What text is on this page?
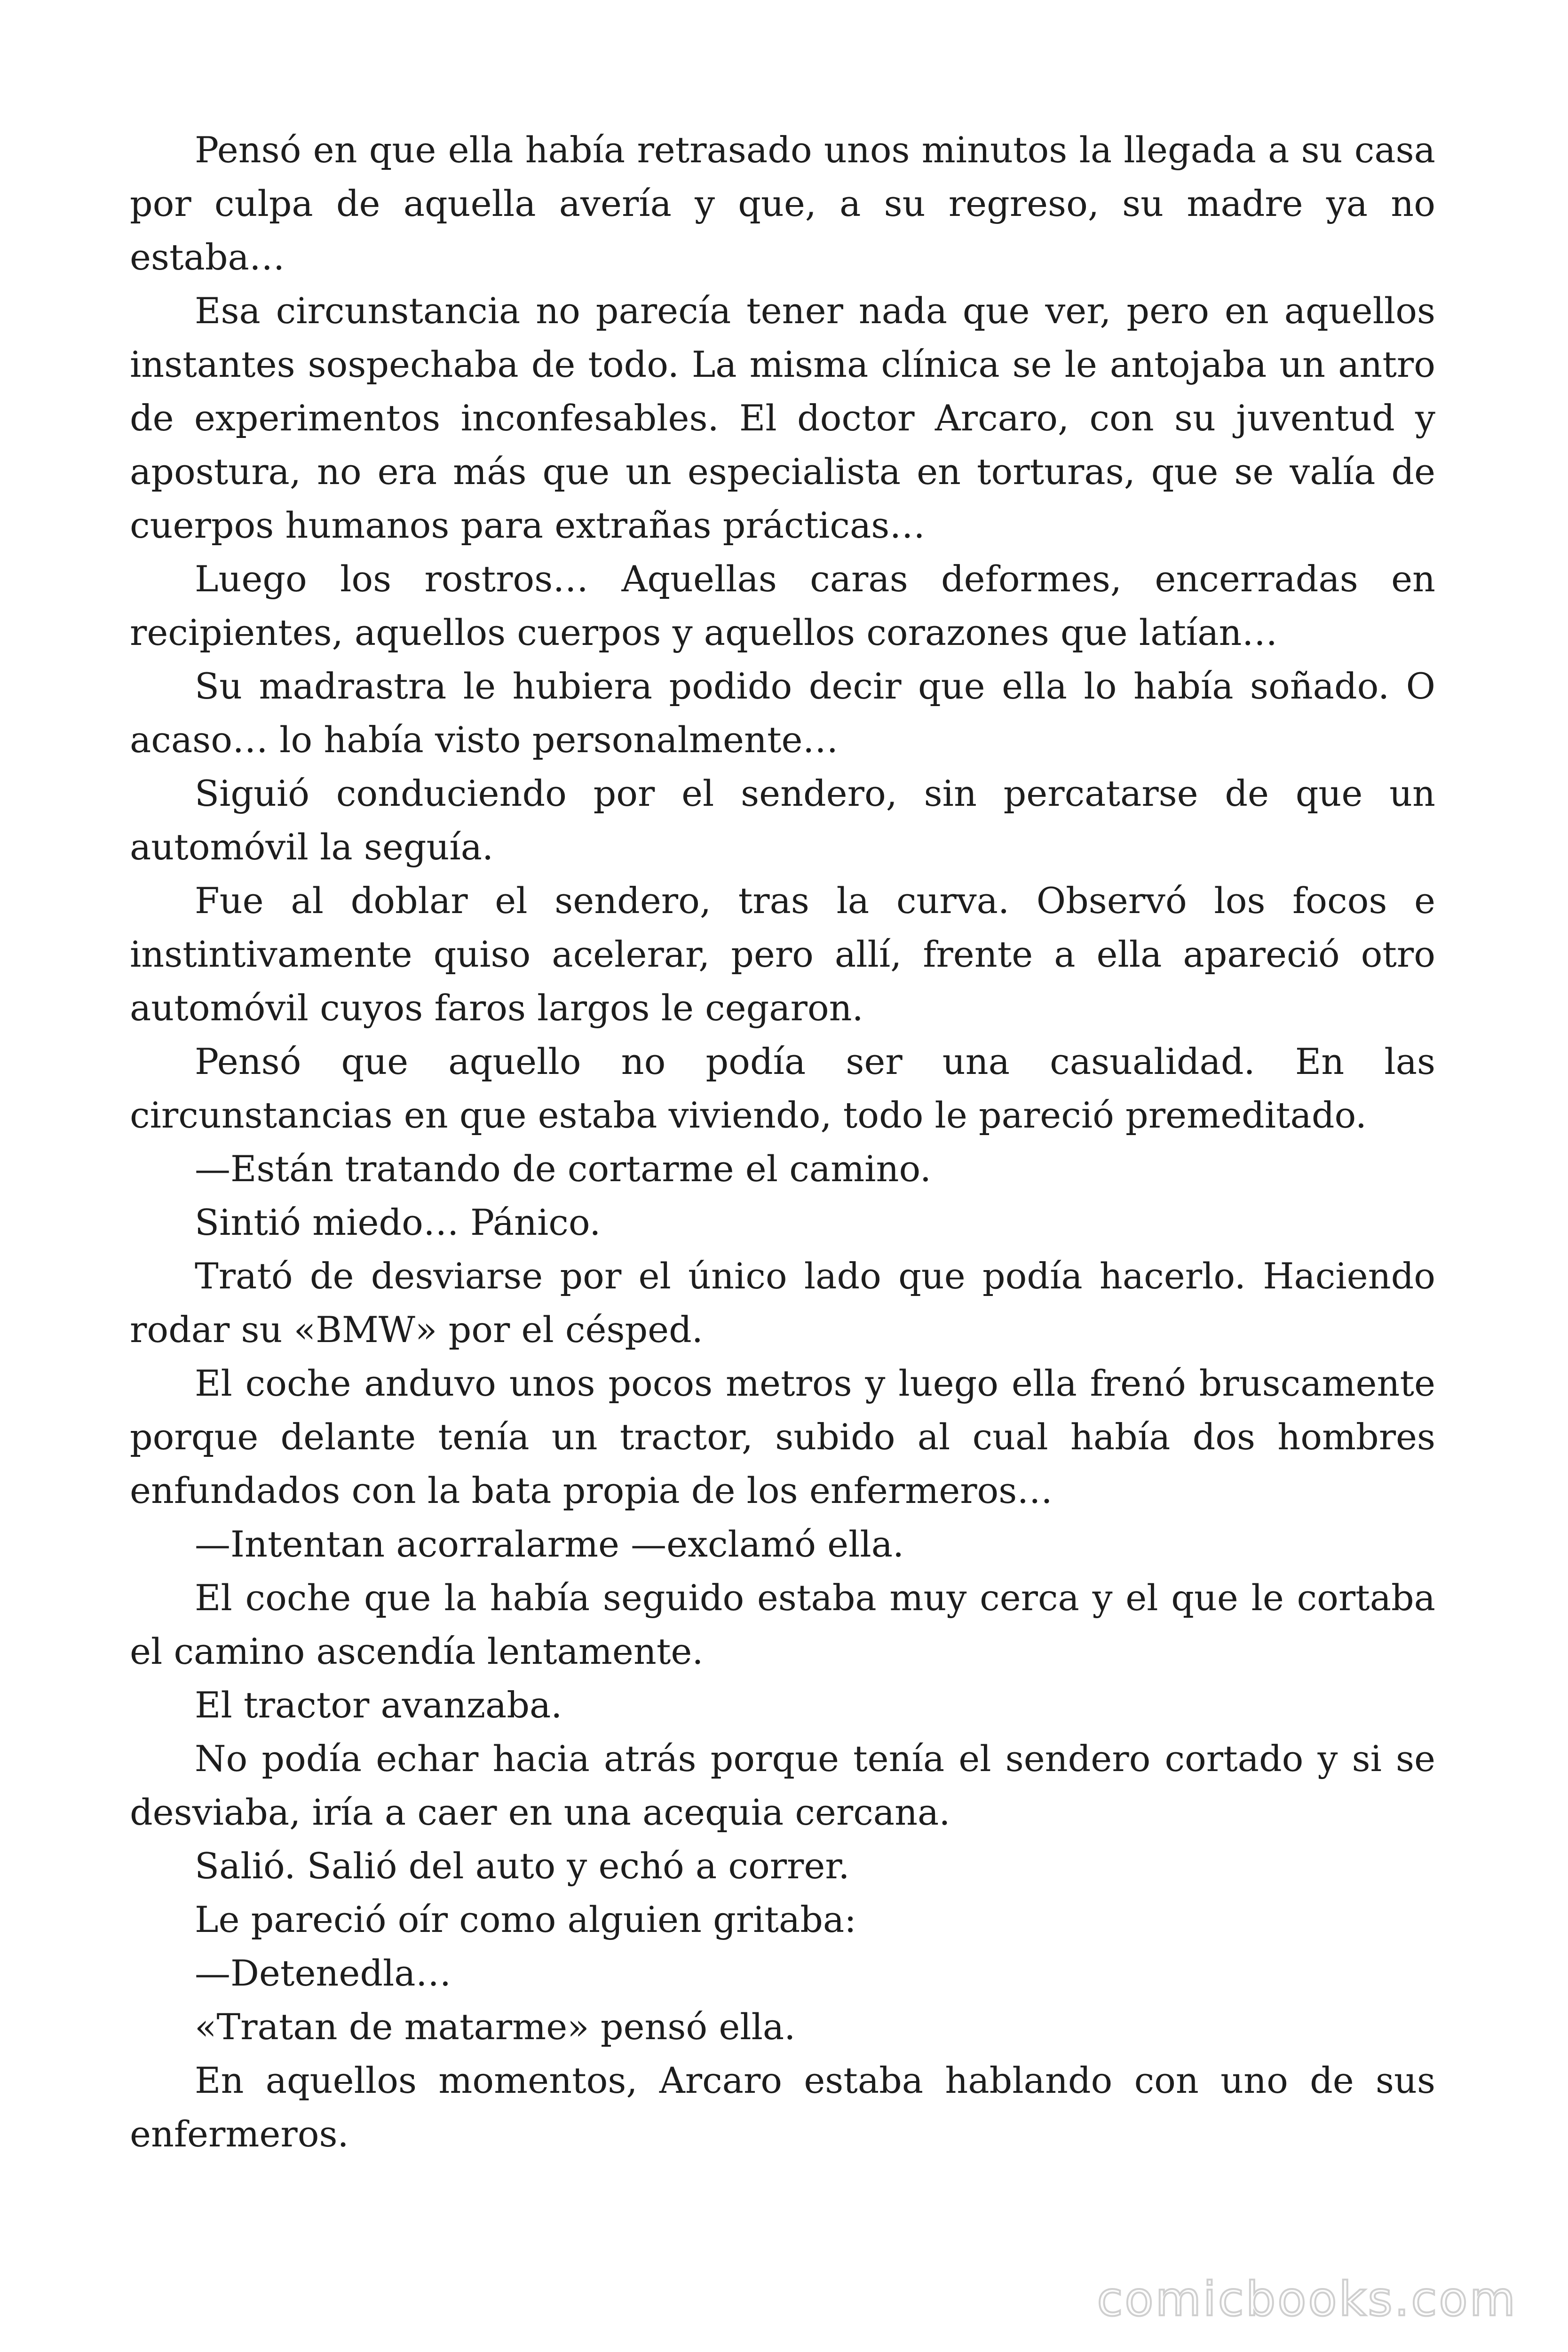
Pensó en que ella había retrasado unos minutos la llegada a su casa por culpa de aquella avería y que, a su regreso, su madre ya no estaba…

Esa circunstancia no parecía tener nada que ver, pero en aquellos instantes sospechaba de todo. La misma clínica se le antojaba un antro de experimentos inconfesables. El doctor Arcaro, con su juventud y apostura, no era más que un especialista en torturas, que se valía de cuerpos humanos para extrañas prácticas…

Luego los rostros… Aquellas caras deformes, encerradas en recipientes, aquellos cuerpos y aquellos corazones que latían…

Su madrastra le hubiera podido decir que ella lo había soñado. O acaso… lo había visto personalmente…

Siguió conduciendo por el sendero, sin percatarse de que un automóvil la seguía.

Fue al doblar el sendero, tras la curva. Observó los focos e instintivamente quiso acelerar, pero allí, frente a ella apareció otro automóvil cuyos faros largos le cegaron.

Pensó que aquello no podía ser una casualidad. En las circunstancias en que estaba viviendo, todo le pareció premeditado.

—Están tratando de cortarme el camino.

Sintió miedo… Pánico.

Trató de desviarse por el único lado que podía hacerlo. Haciendo rodar su «BMW» por el césped.

El coche anduvo unos pocos metros y luego ella frenó bruscamente porque delante tenía un tractor, subido al cual había dos hombres enfundados con la bata propia de los enfermeros…

—Intentan acorralarme —exclamó ella.

El coche que la había seguido estaba muy cerca y el que le cortaba el camino ascendía lentamente.

El tractor avanzaba.

No podía echar hacia atrás porque tenía el sendero cortado y si se desviaba, iría a caer en una acequia cercana.

Salió. Salió del auto y echó a correr.

Le pareció oír como alguien gritaba:

—Detenedla…

«Tratan de matarme» pensó ella.

En aquellos momentos, Arcaro estaba hablando con uno de sus enfermeros.

comicbooks.com
